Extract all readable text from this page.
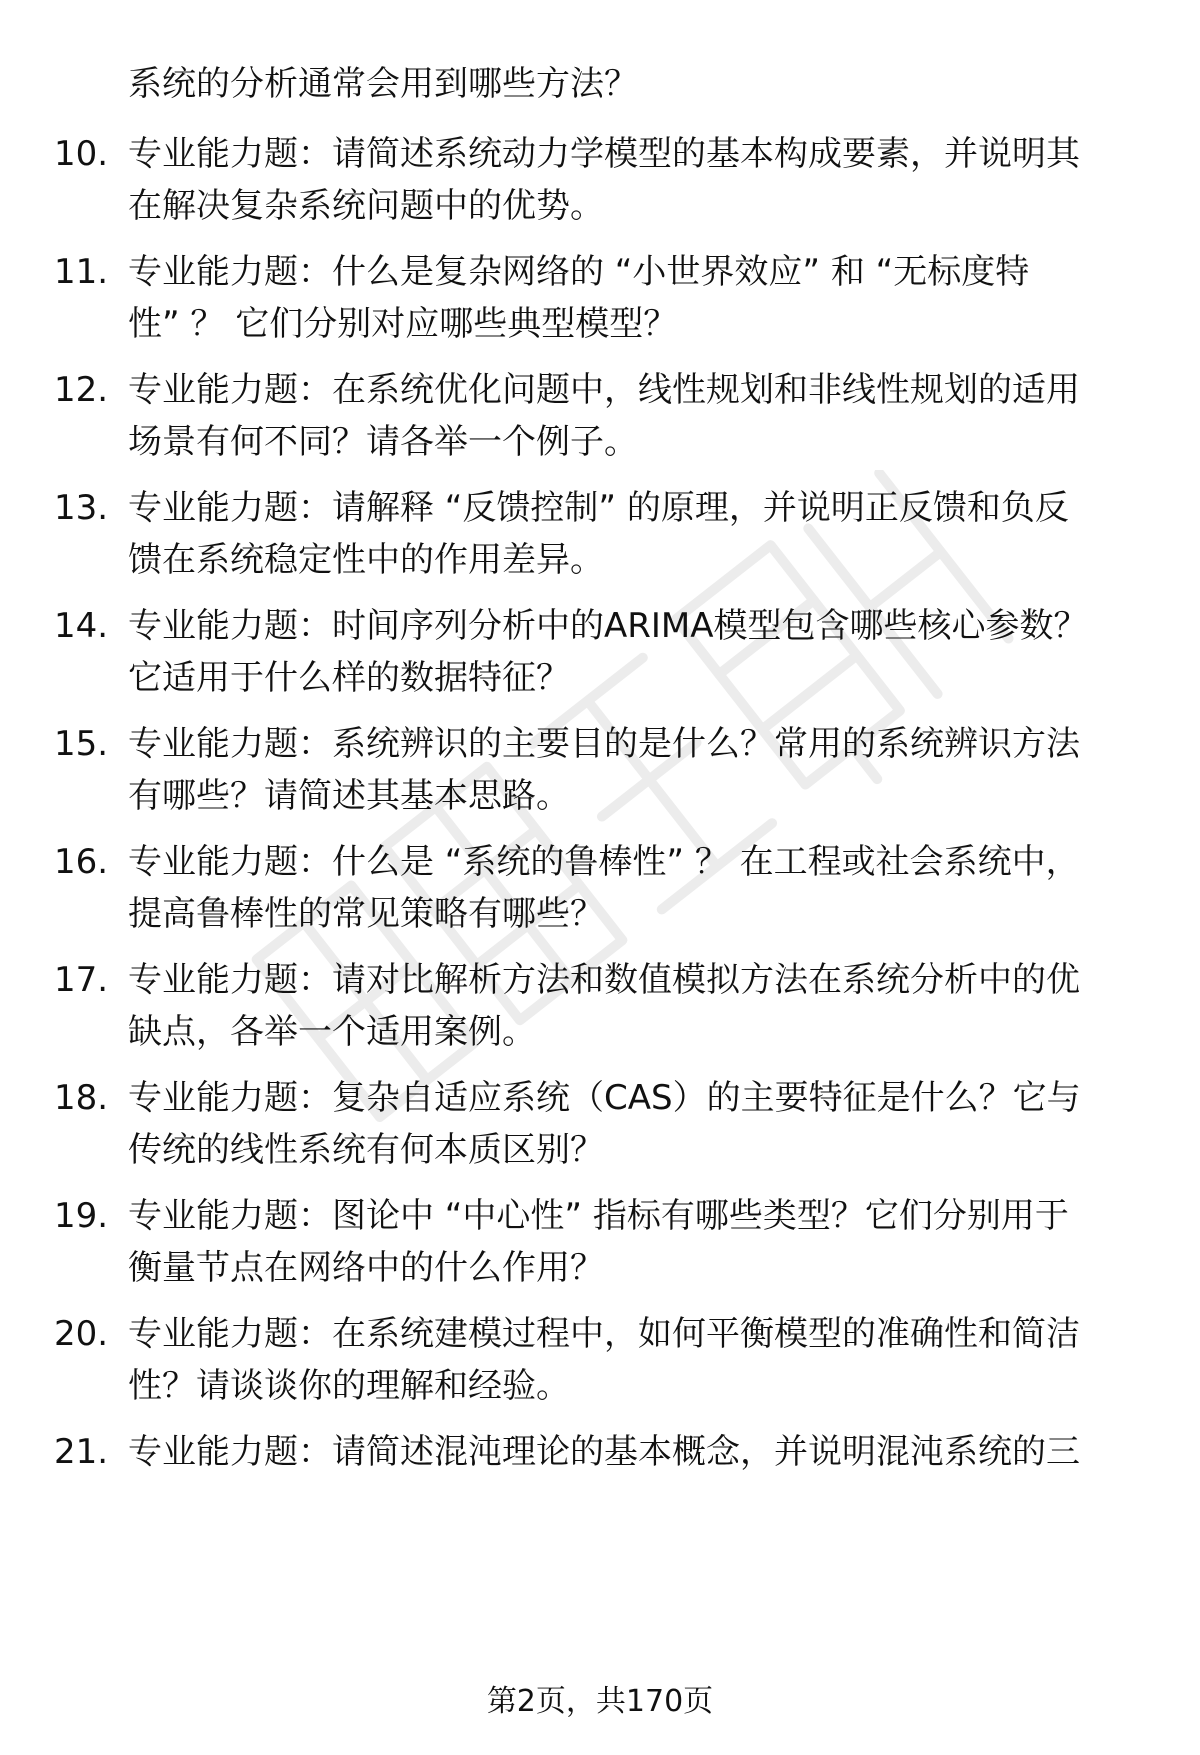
系统的分析通常会用到哪些方法？
10. 专业能力题：请简述系统动力学模型的基本构成要素，并说明其
在解决复杂系统问题中的优势。
11. 专业能力题：什么是复杂网络的 “小世界效应” 和 “无标度特
性” ？ 它们分别对应哪些典型模型？
12. 专业能力题：在系统优化问题中，线性规划和非线性规划的适用
场景有何不同？请各举一个例子。
13. 专业能力题：请解释 “反馈控制” 的原理，并说明正反馈和负反
馈在系统稳定性中的作用差异。
14. 专业能力题：时间序列分析中的ARIMA模型包含哪些核心参数？
它适用于什么样的数据特征？
15. 专业能力题：系统辨识的主要目的是什么？常用的系统辨识方法
有哪些？请简述其基本思路。
16. 专业能力题：什么是 “系统的鲁棒性” ？ 在工程或社会系统中，
提高鲁棒性的常见策略有哪些？
17. 专业能力题：请对比解析方法和数值模拟方法在系统分析中的优
缺点，各举一个适用案例。
18. 专业能力题：复杂自适应系统（CAS）的主要特征是什么？它与
传统的线性系统有何本质区别？
19. 专业能力题：图论中 “中心性” 指标有哪些类型？它们分别用于
衡量节点在网络中的什么作用？
20. 专业能力题：在系统建模过程中，如何平衡模型的准确性和简洁
性？请谈谈你的理解和经验。
21. 专业能力题：请简述混沌理论的基本概念，并说明混沌系统的三
第2页，共170页
